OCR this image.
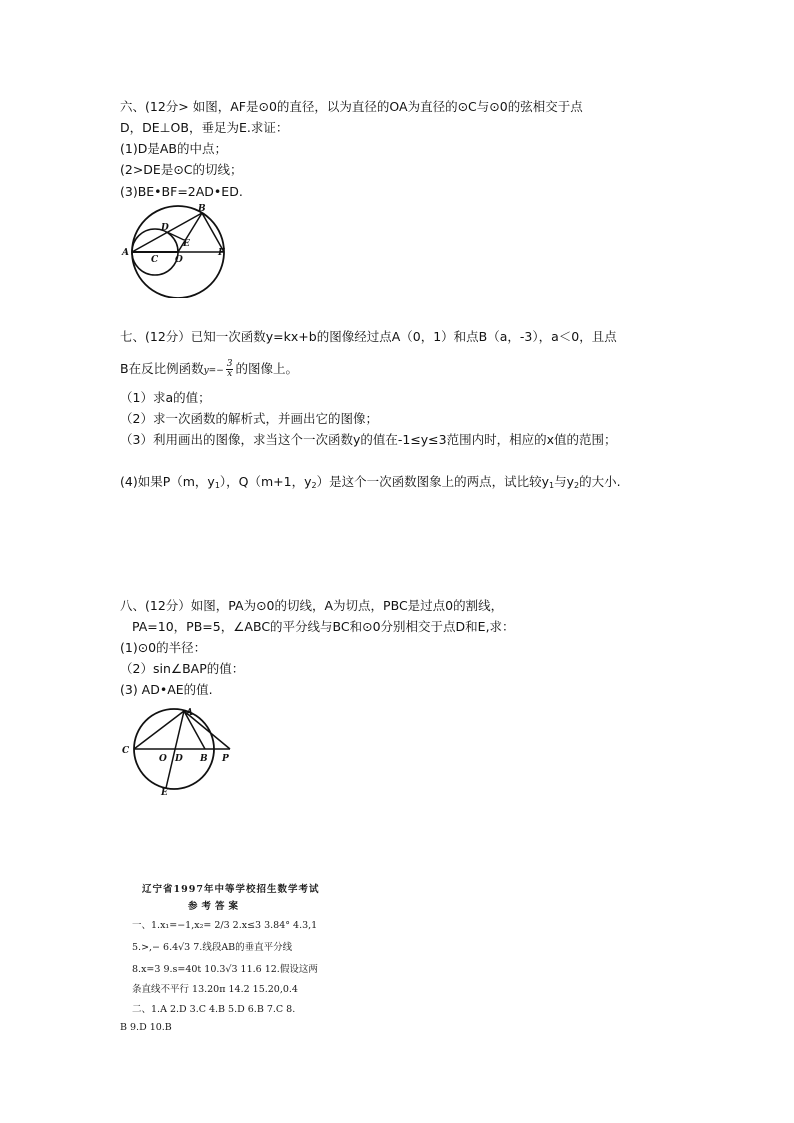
六、(12分> 如图，AF是⊙0的直径，以为直径的OA为直径的⊙C与⊙0的弦相交于点
D，DE⊥OB，垂足为E.求证：
(1)D是AB的中点；
(2>DE是⊙C的切线；
(3)BE•BF=2AD•ED.
A
B
C
D
E
O
F
七、(12分）已知一次函数y=kx+b的图像经过点A（0，1）和点B（a，-3），a＜0，且点
B在反比例函数$y=- \frac{3}{x}$ 的图像上。
（1）求a的值；
（2）求一次函数的解析式，并画出它的图像；
（3）利用画出的图像，求当这个一次函数y的值在-1≤y≤3范围内时，相应的x值的范围；
(4)如果P（m，$y_1$），Q（m+1，$y_2$）是这个一次函数图象上的两点，试比较$y_1$与$y_2$的大小.
八、(12分）如图，PA为⊙0的切线，A为切点，PBC是过点0的割线，
PA=10，PB=5，∠ABC的平分线与BC和⊙0分别相交于点D和E,求：
(1)⊙0的半径：
（2）sin∠BAP的值：
(3) AD•AE的值.
C
A
O D B P
E
辽宁省1997年中等学校招生数学考试
参考答案
一、1.x₁=−1,x₂= 2/3 2.x≤3 3.84° 4.3,1
5.>,− 6.4√3 7.线段AB的垂直平分线
8.x=3 9.s=40t 10.3√3 11.6 12.假设这两
条直线不平行 13.20π 14.2 15.20,0.4
二、1.A 2.D 3.C 4.B 5.D 6.B 7.C 8.
B 9.D 10.B
